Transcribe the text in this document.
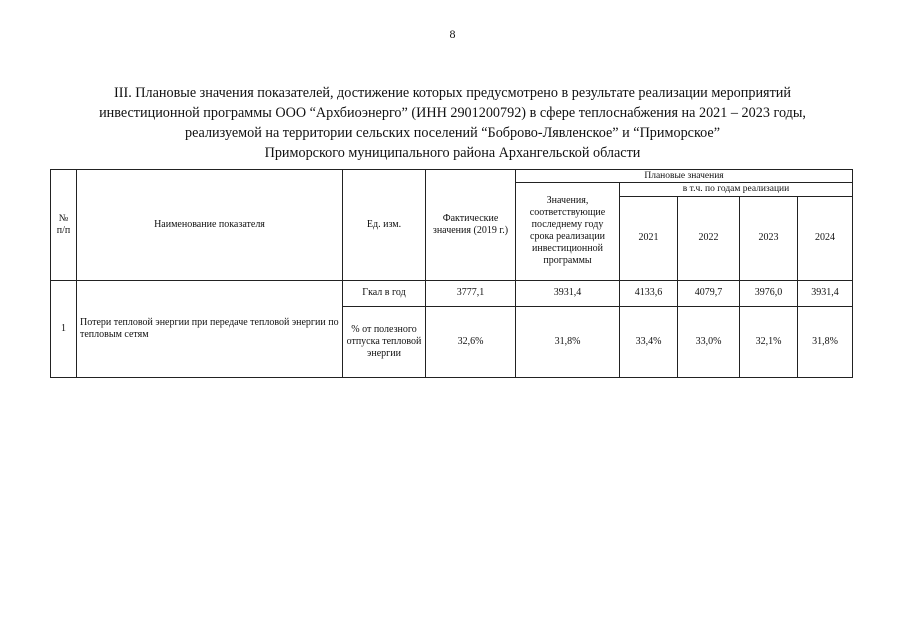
8
III. Плановые значения показателей, достижение которых предусмотрено в результате реализации мероприятий
инвестиционной программы ООО “Архбиоэнерго” (ИНН 2901200792) в сфере теплоснабжения на 2021 – 2023 годы,
реализуемой на территории сельских поселений “Боброво-Лявленское” и “Приморское”
Приморского муниципального района Архангельской области
№ п/п	Наименование показателя	Ед. изм.	Фактические значения (2019 г.)	Плановые значения				
				Значения, соответствующие последнему году срока реализации инвестиционной программы	в т.ч. по годам реализации			
					2021	2022	2023	2024
1	Потери тепловой энергии при передаче тепловой энергии по тепловым сетям	Гкал в год	3777,1	3931,4	4133,6	4079,7	3976,0	3931,4
		% от полезного отпуска тепловой энергии	32,6%	31,8%	33,4%	33,0%	32,1%	31,8%
